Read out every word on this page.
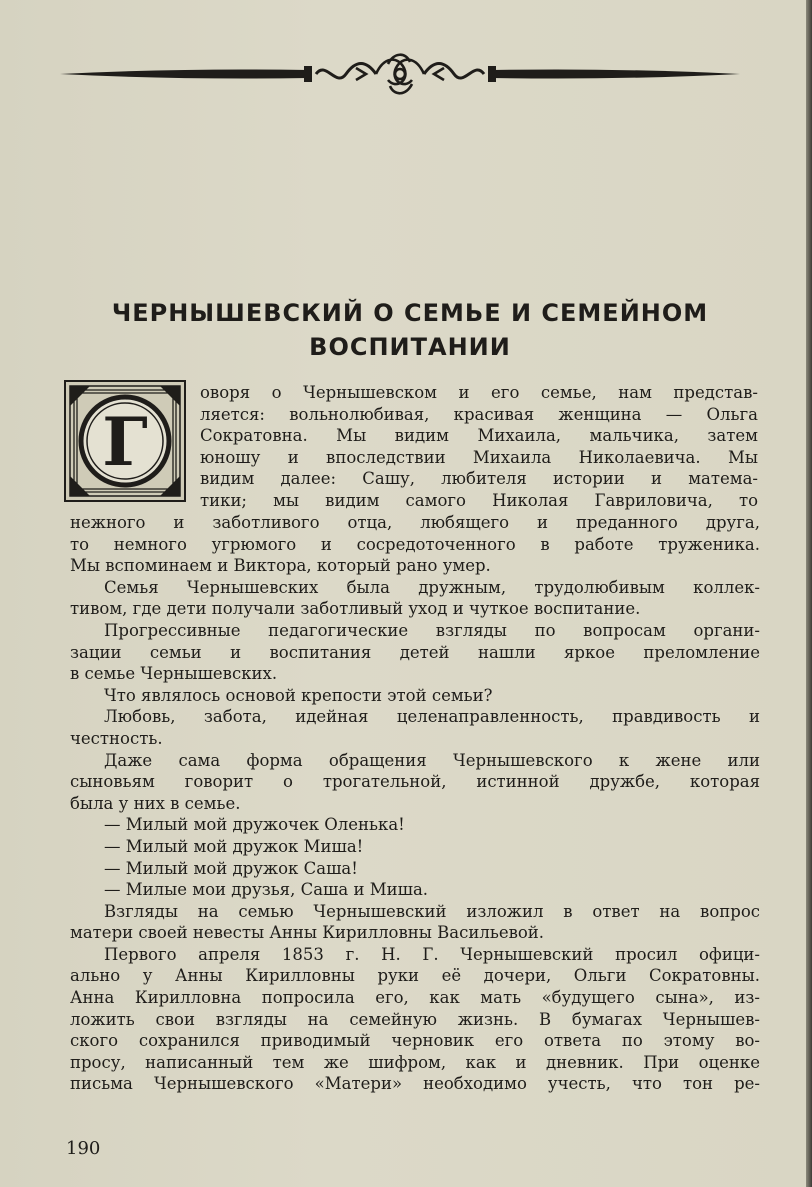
ЧЕРНЫШЕВСКИЙ О СЕМЬЕ И СЕМЕЙНОМ
ВОСПИТАНИИ
Г
оворя о Чернышевском и его семье, нам представ-
ляется: вольнолюбивая, красивая женщина — Ольга
Сократовна. Мы видим Михаила, мальчика, затем
юношу и впоследствии Михаила Николаевича. Мы
видим далее: Сашу, любителя истории и матема-
тики; мы видим самого Николая Гавриловича, то
нежного и заботливого отца, любящего и преданного друга,
то немного угрюмого и сосредоточенного в работе труженика.
Мы вспоминаем и Виктора, который рано умер.
Семья Чернышевских была дружным, трудолюбивым коллек-
тивом, где дети получали заботливый уход и чуткое воспитание.
Прогрессивные педагогические взгляды по вопросам органи-
зации семьи и воспитания детей нашли яркое преломление
в семье Чернышевских.
Что являлось основой крепости этой семьи?
Любовь, забота, идейная целенаправленность, правдивость и
честность.
Даже сама форма обращения Чернышевского к жене или
сыновьям говорит о трогательной, истинной дружбе, которая
была у них в семье.
— Милый мой дружочек Оленька!
— Милый мой дружок Миша!
— Милый мой дружок Саша!
— Милые мои друзья, Саша и Миша.
Взгляды на семью Чернышевский изложил в ответ на вопрос
матери своей невесты Анны Кирилловны Васильевой.
Первого апреля 1853 г. Н. Г. Чернышевский просил офици-
ально у Анны Кирилловны руки её дочери, Ольги Сократовны.
Анна Кирилловна попросила его, как мать «будущего сына», из-
ложить свои взгляды на семейную жизнь. В бумагах Чернышев-
ского сохранился приводимый черновик его ответа по этому во-
просу, написанный тем же шифром, как и дневник. При оценке
письма Чернышевского «Матери» необходимо учесть, что тон ре-
190
